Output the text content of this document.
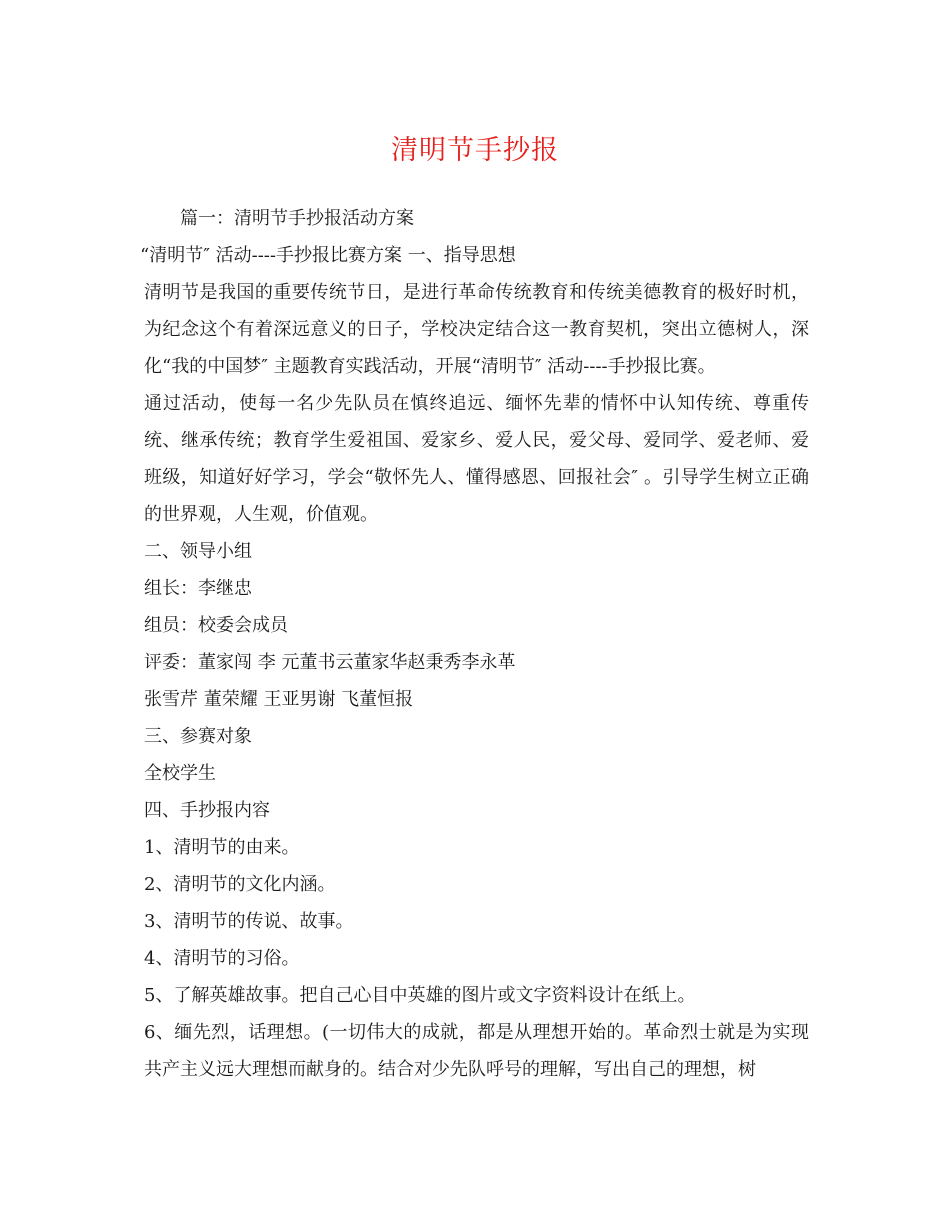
清明节手抄报

篇一：清明节手抄报活动方案

“清明节″ 活动----手抄报比赛方案 一、指导思想

清明节是我国的重要传统节日，是进行革命传统教育和传统美德教育的极好时机，为纪念这个有着深远意义的日子，学校决定结合这一教育契机，突出立德树人，深化“我的中国梦″ 主题教育实践活动，开展“清明节″ 活动----手抄报比赛。

通过活动，使每一名少先队员在慎终追远、缅怀先辈的情怀中认知传统、尊重传统、继承传统；教育学生爱祖国、爱家乡、爱人民，爱父母、爱同学、爱老师、爱班级，知道好好学习，学会“敬怀先人、懂得感恩、回报社会″ 。引导学生树立正确的世界观，人生观，价值观。

二、领导小组

组长：李继忠

组员：校委会成员

评委：董家闯 李 元董书云董家华赵秉秀李永革

张雪芹 董荣耀 王亚男谢 飞董恒报

三、参赛对象

全校学生

四、手抄报内容

1、清明节的由来。

2、清明节的文化内涵。

3、清明节的传说、故事。

4、清明节的习俗。

5、了解英雄故事。把自己心目中英雄的图片或文字资料设计在纸上。

6、缅先烈，话理想。(一切伟大的成就，都是从理想开始的。革命烈士就是为实现共产主义远大理想而献身的。结合对少先队呼号的理解，写出自己的理想，树
